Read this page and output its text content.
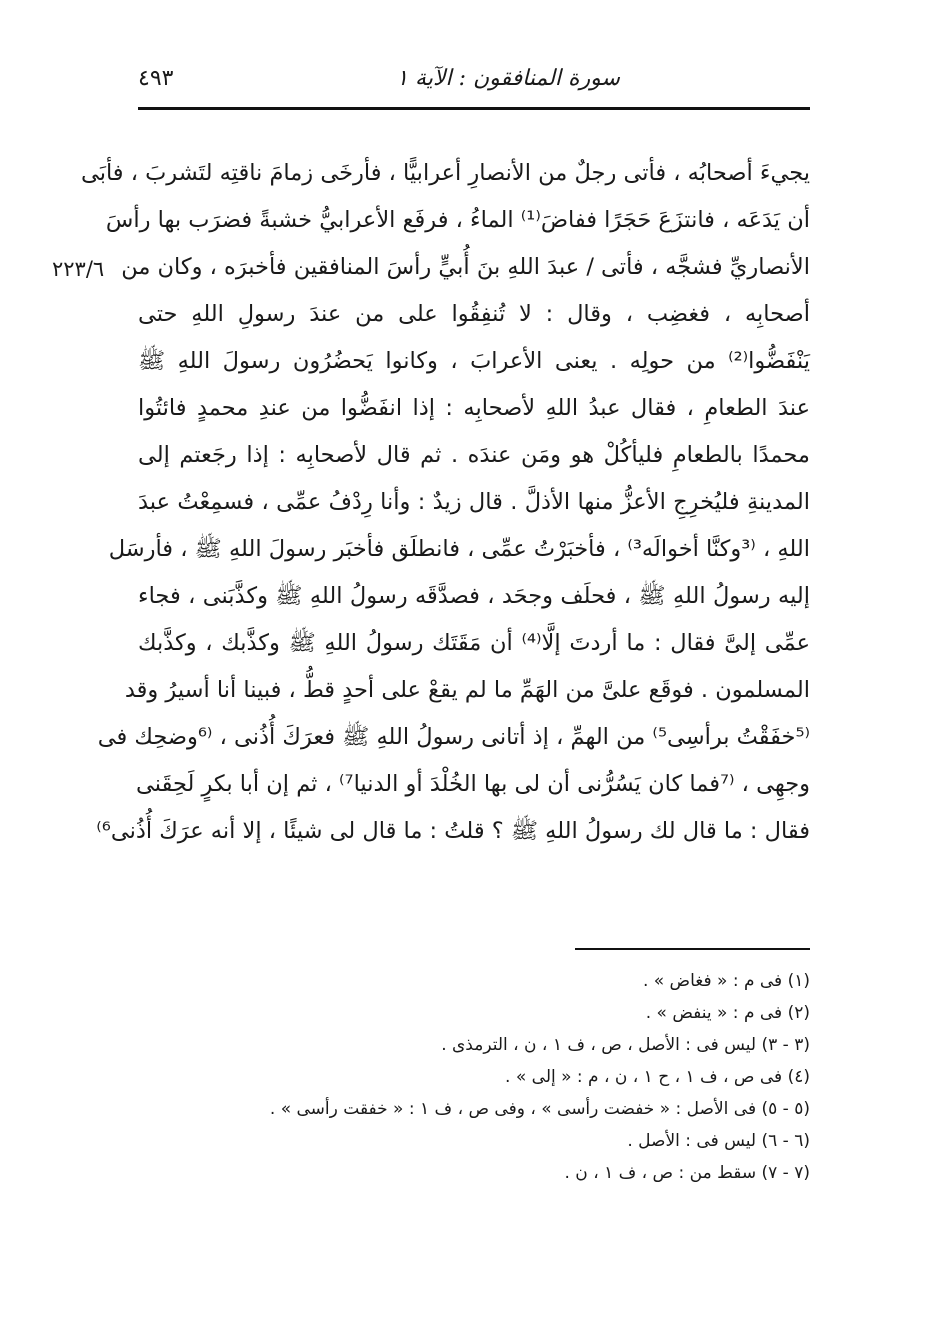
سورة المنافقون : الآية ١
٤٩٣
٢٢٣/٦
يجيءَ أصحابُه ، فأتى رجلٌ من الأنصارِ أعرابيًّا ، فأرخَى زمامَ ناقتِه لتَشربَ ، فأبَى
أن يَدَعَه ، فانتزَعَ حَجَرًا ففاضَ⁽¹⁾ الماءُ ، فرفَع الأعرابيُّ خشبةً فضرَب بها رأسَ
الأنصاريِّ فشجَّه ، فأتى / عبدَ اللهِ بنَ أُبيٍّ رأسَ المنافقين فأخبرَه ، وكان من
أصحابِه ، فغضِب ، وقال : لا تُنفِقُوا على من عندَ رسولِ اللهِ حتى
يَنْفَضُّوا⁽²⁾ من حولِه . يعنى الأعرابَ ، وكانوا يَحضُرُون رسولَ اللهِ ﷺ
عندَ الطعامِ ، فقال عبدُ اللهِ لأصحابِه : إذا انفَضُّوا من عندِ محمدٍ فائتُوا
محمدًا بالطعامِ فليأكُلْ هو ومَن عندَه . ثم قال لأصحابِه : إذا رجَعتم إلى
المدينةِ فليُخرِجِ الأعزُّ منها الأذلَّ . قال زيدٌ : وأنا رِدْفُ عمِّى ، فسمِعْتُ عبدَ
اللهِ ، ⁽³وكنَّا أخوالَه³⁾ ، فأخبَرْتُ عمِّى ، فانطلَق فأخبَر رسولَ اللهِ ﷺ ، فأرسَل
إليه رسولُ اللهِ ﷺ ، فحلَف وجحَد ، فصدَّقَه رسولُ اللهِ ﷺ وكذَّبَنى ، فجاء
عمِّى إلىَّ فقال : ما أردتَ إلَّا⁽⁴⁾ أن مَقَتَك رسولُ اللهِ ﷺ وكذَّبك ، وكذَّبك
المسلمون . فوقَع علىَّ من الهَمِّ ما لم يقعْ على أحدٍ قطُّ ، فبينا أنا أسيرُ وقد
⁽⁵خفَقْتُ برأسِى⁵⁾ من الهمِّ ، إذ أتانى رسولُ اللهِ ﷺ فعرَكَ أُذُنى ، ⁽⁶وضحِك فى
وجهِى ، ⁽⁷فما كان يَسُرُّنى أن لى بها الخُلْدَ أو الدنيا⁷⁾ ، ثم إن أبا بكرٍ لَحِقَنى
فقال : ما قال لك رسولُ اللهِ ﷺ ؟ قلتُ : ما قال لى شيئًا ، إلا أنه عرَكَ أُذُنى⁶⁾
(١) فى م : « فغاض » .
(٢) فى م : « ينفض » .
(٣ - ٣) ليس فى : الأصل ، ص ، ف ١ ، ن ، الترمذى .
(٤) فى ص ، ف ١ ، ح ١ ، ن ، م : « إلى » .
(٥ - ٥) فى الأصل : « خفضت رأسى » ، وفى ص ، ف ١ : « خفقت رأسى » .
(٦ - ٦) ليس فى : الأصل .
(٧ - ٧) سقط من : ص ، ف ١ ، ن .
